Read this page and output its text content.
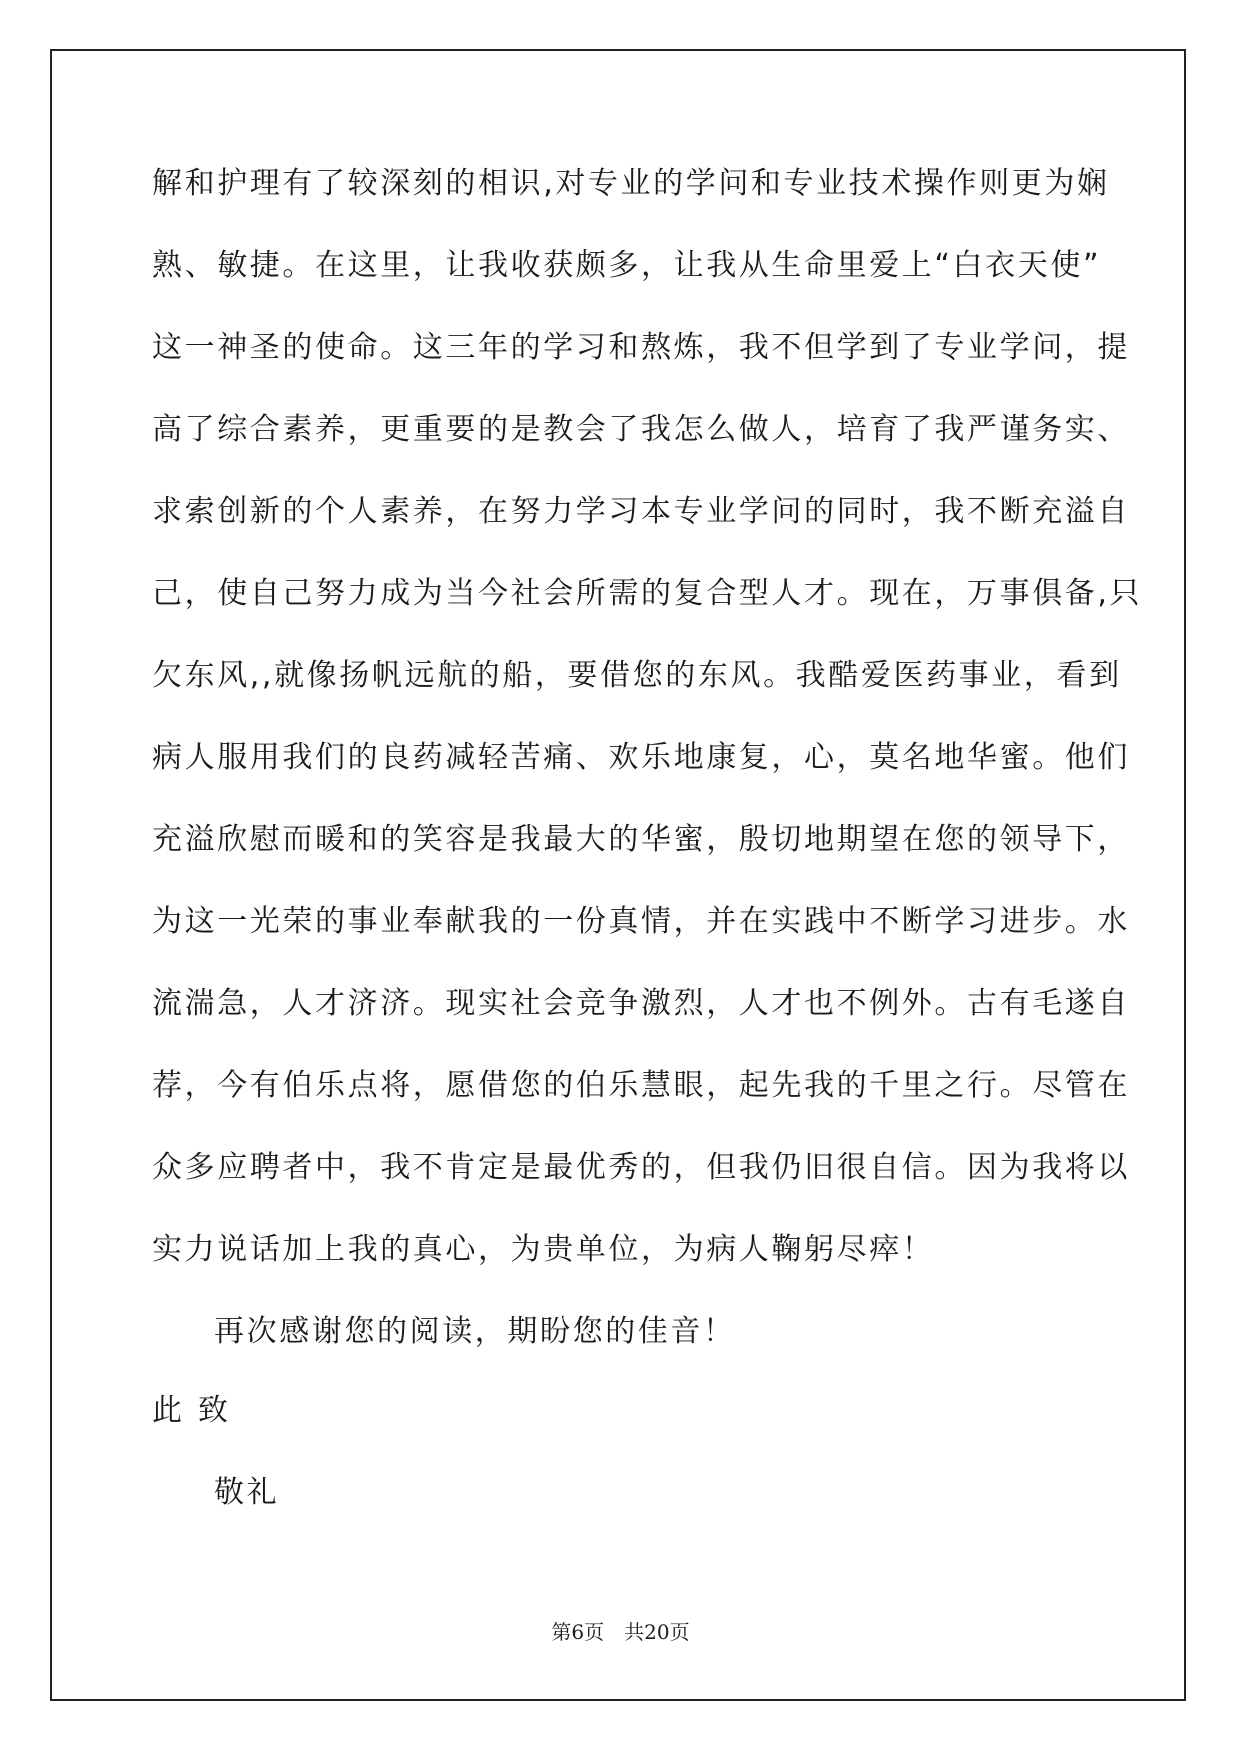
解和护理有了较深刻的相识,对专业的学问和专业技术操作则更为娴
熟、敏捷。在这里，让我收获颇多，让我从生命里爱上“白衣天使”
这一神圣的使命。这三年的学习和熬炼，我不但学到了专业学问，提
高了综合素养，更重要的是教会了我怎么做人，培育了我严谨务实、
求索创新的个人素养，在努力学习本专业学问的同时，我不断充溢自
己，使自己努力成为当今社会所需的复合型人才。现在，万事俱备,只
欠东风,,就像扬帆远航的船，要借您的东风。我酷爱医药事业，看到
病人服用我们的良药减轻苦痛、欢乐地康复，心，莫名地华蜜。他们
充溢欣慰而暖和的笑容是我最大的华蜜，殷切地期望在您的领导下，
为这一光荣的事业奉献我的一份真情，并在实践中不断学习进步。水
流湍急，人才济济。现实社会竞争激烈，人才也不例外。古有毛遂自
荐，今有伯乐点将，愿借您的伯乐慧眼，起先我的千里之行。尽管在
众多应聘者中，我不肯定是最优秀的，但我仍旧很自信。因为我将以
实力说话加上我的真心，为贵单位，为病人鞠躬尽瘁！
再次感谢您的阅读，期盼您的佳音！
此致
敬礼
第6页　共20页
